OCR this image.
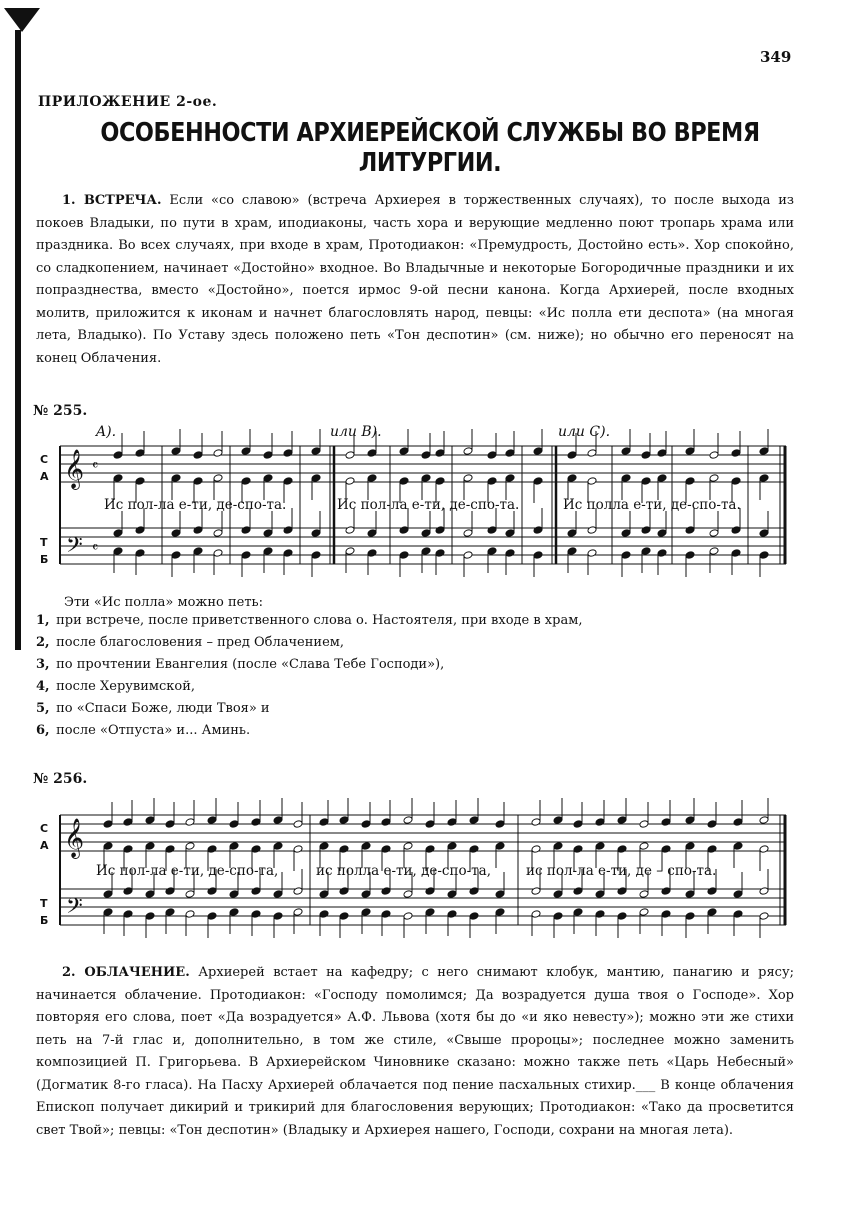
349
ПРИЛОЖЕНИЕ 2-ое.
ОСОБЕННОСТИ АРХИЕРЕЙСКОЙ СЛУЖБЫ ВО ВРЕМЯ ЛИТУРГИИ.
1. ВСТРЕЧА. Если «со славою» (встреча Архиерея в торжественных случаях), то после выхода из покоев Владыки, по пути в храм, иподиаконы, часть хора и верующие медленно поют тропарь храма или праздника. Во всех случаях, при входе в храм, Протодиакон: «Премудрость, Достойно есть». Хор спокойно, со сладкопением, начинает «Достойно» входное. Во Владычные и некоторые Богородичные праздники и их попразднества, вместо «Достойно», поется ирмос 9-ой песни канона. Когда Архиерей, после входных молитв, приложится к иконам и начнет благословлять народ, певцы: «Ис полла ети деспота» (на многая лета, Владыко). По Уставу здесь положено петь «Тон деспотин» (см. ниже); но обычно его переносят на конец Облачения.
№ 255.
𝄞
𝄢
𝄴
𝄴
С
А
Т
Б
A).	или B).	или C).
Ис пол-ла е-ти, де-спо-та.	Ис пол-ла е-ти, де-спо-та.	Ис полла е-ти, де-спо-та.
Эти «Ис полла» можно петь:
1, при встрече, после приветственного слова о. Настоятеля, при входе в храм,
2, после благословения – пред Облачением,
3, по прочтении Евангелия (после «Слава Тебе Господи»),
4, после Херувимской,
5, по «Спаси Боже, люди Твоя» и
6, после «Отпуста» и... Аминь.
№ 256.
𝄞
𝄢
С
А
Т
Б
Ис пол-ла е-ти, де-спо-та,	ис полла е-ти, де-спо-та,	ис пол-ла е-ти, де – спо-та.
2. ОБЛАЧЕНИЕ. Архиерей встает на кафедру; с него снимают клобук, мантию, панагию и рясу; начинается облачение. Протодиакон: «Господу помолимся; Да возрадуется душа твоя о Господе». Хор повторяя его слова, поет «Да возрадуется» А.Ф. Львова (хотя бы до «и яко невесту»); можно эти же стихи петь на 7-й глас и, дополнительно, в том же стиле, «Свыше пророцы»; последнее можно заменить композицией П. Григорьева. В Архиерейском Чиновнике сказано: можно также петь «Царь Небесный» (Догматик 8-го гласа). На Пасху Архиерей облачается под пение пасхальных стихир.___ В конце облачения Епископ получает дикирий и трикирий для благословения верующих; Протодиакон: «Тако да просветится свет Твой»; певцы: «Тон деспотин» (Владыку и Архиерея нашего, Господи, сохрани на многая лета).
